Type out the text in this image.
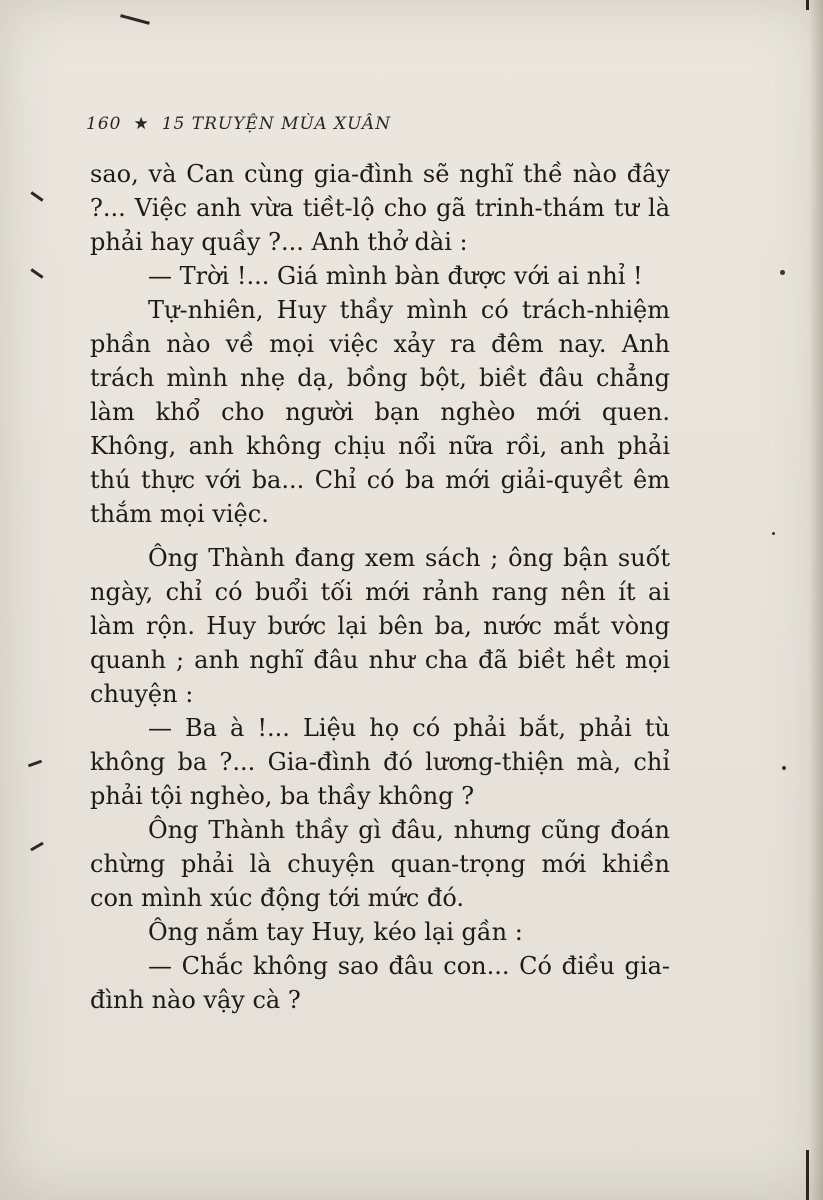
160 ★ 15 TRUYỆN MÙA XUÂN

sao, và Can cùng gia-đình sẽ nghĩ thề nào đây ?... Việc anh vừa tiềt-lộ cho gã trinh-thám tư là phải hay quầy ?... Anh thở dài :

— Trời !... Giá mình bàn được với ai nhỉ !

Tự-nhiên, Huy thầy mình có trách-nhiệm phần nào về mọi việc xảy ra đêm nay. Anh trách mình nhẹ dạ, bồng bột, biềt đâu chẳng làm khổ cho người bạn nghèo mới quen. Không, anh không chịu nổi nữa rồi, anh phải thú thực với ba... Chỉ có ba mới giải-quyềt êm thắm mọi việc.

Ông Thành đang xem sách ; ông bận suốt ngày, chỉ có buổi tối mới rảnh rang nên ít ai làm rộn. Huy bước lại bên ba, nước mắt vòng quanh ; anh nghĩ đâu như cha đã biềt hềt mọi chuyện :

— Ba à !... Liệu họ có phải bắt, phải tù không ba ?... Gia-đình đó lương-thiện mà, chỉ phải tội nghèo, ba thầy không ?

Ông Thành thầy gì đâu, nhưng cũng đoán chừng phải là chuyện quan-trọng mới khiền con mình xúc động tới mức đó.

Ông nắm tay Huy, kéo lại gần :

— Chắc không sao đâu con... Có điều gia-đình nào vậy cà ?
